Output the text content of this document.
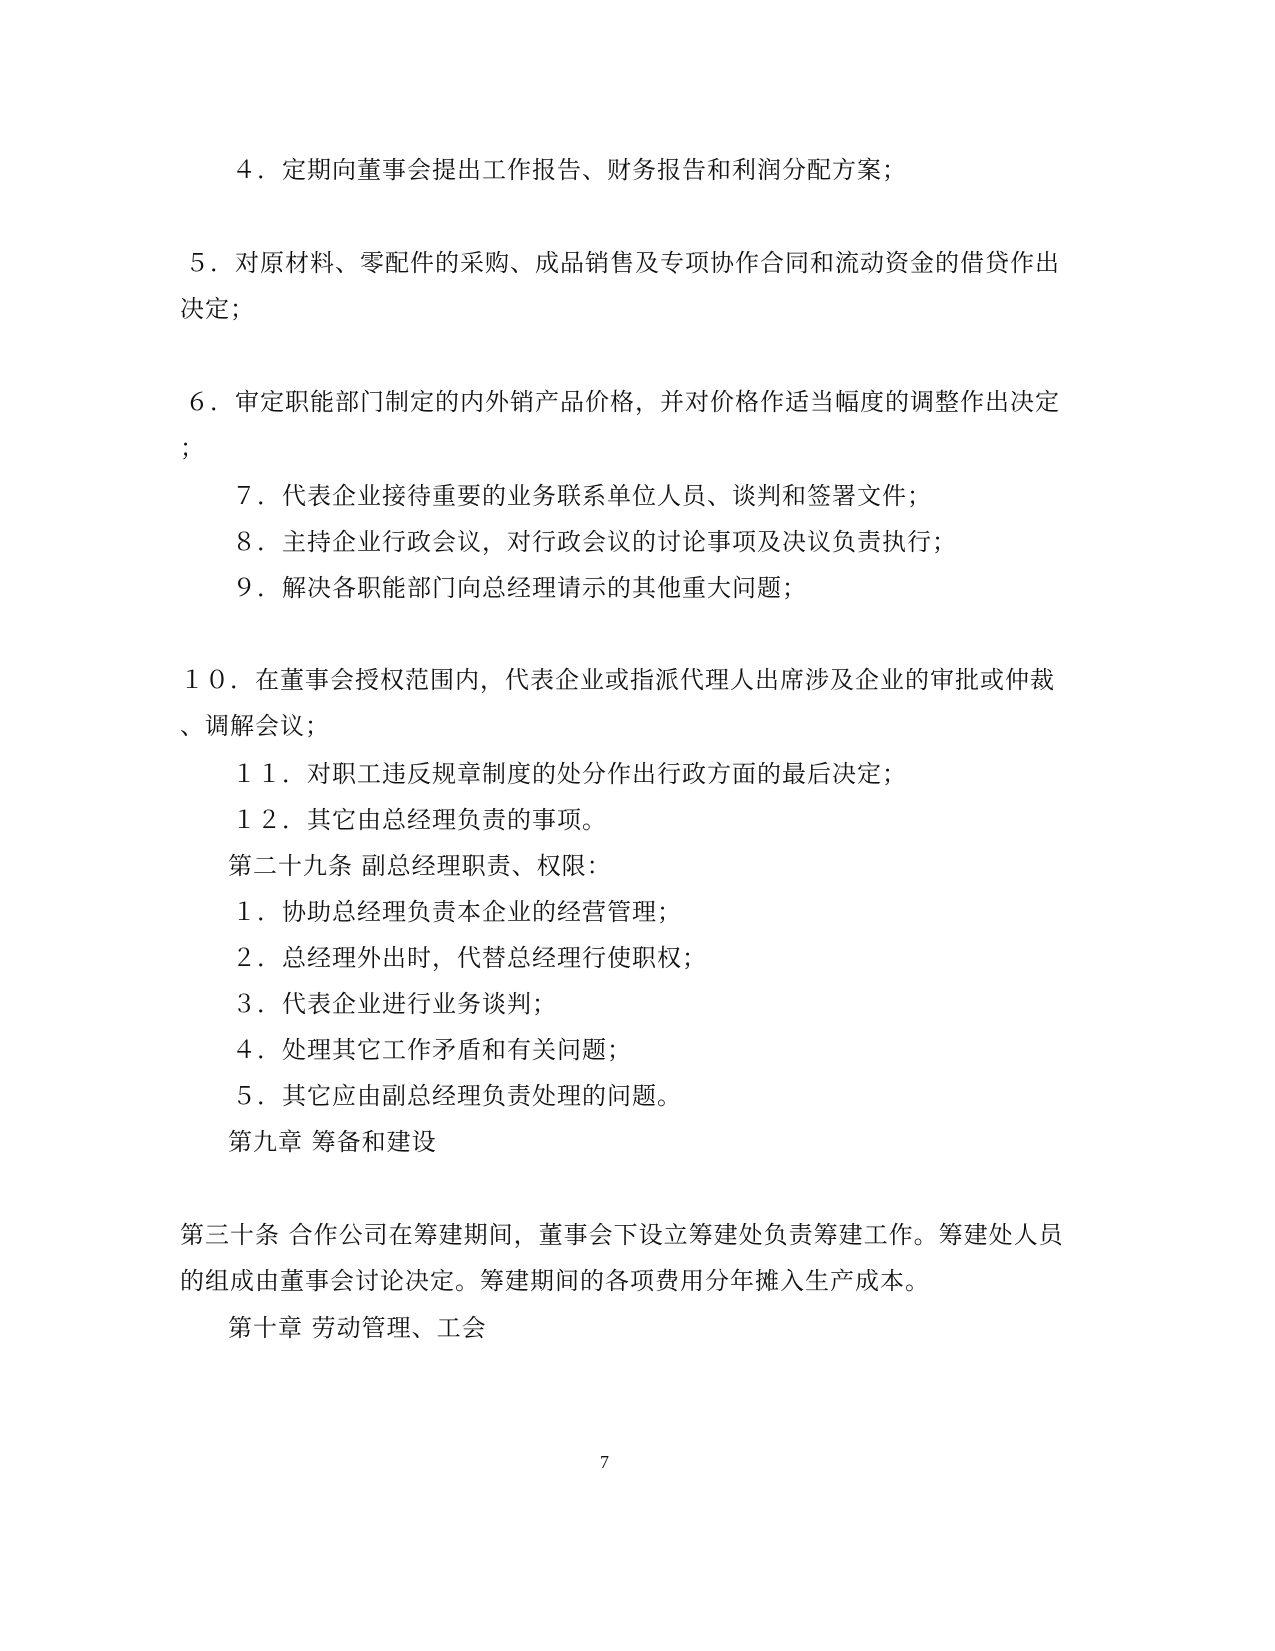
４．定期向董事会提出工作报告、财务报告和利润分配方案；
５．对原材料、零配件的采购、成品销售及专项协作合同和流动资金的借贷作出
决定；
６．审定职能部门制定的内外销产品价格，并对价格作适当幅度的调整作出决定
；
７．代表企业接待重要的业务联系单位人员、谈判和签署文件；
８．主持企业行政会议，对行政会议的讨论事项及决议负责执行；
９．解决各职能部门向总经理请示的其他重大问题；
１０．在董事会授权范围内，代表企业或指派代理人出席涉及企业的审批或仲裁
、调解会议；
１１．对职工违反规章制度的处分作出行政方面的最后决定；
１２．其它由总经理负责的事项。
第二十九条 副总经理职责、权限：
１．协助总经理负责本企业的经营管理；
２．总经理外出时，代替总经理行使职权；
３．代表企业进行业务谈判；
４．处理其它工作矛盾和有关问题；
５．其它应由副总经理负责处理的问题。
第九章 筹备和建设
第三十条 合作公司在筹建期间，董事会下设立筹建处负责筹建工作。筹建处人员
的组成由董事会讨论决定。筹建期间的各项费用分年摊入生产成本。
第十章 劳动管理、工会
7
